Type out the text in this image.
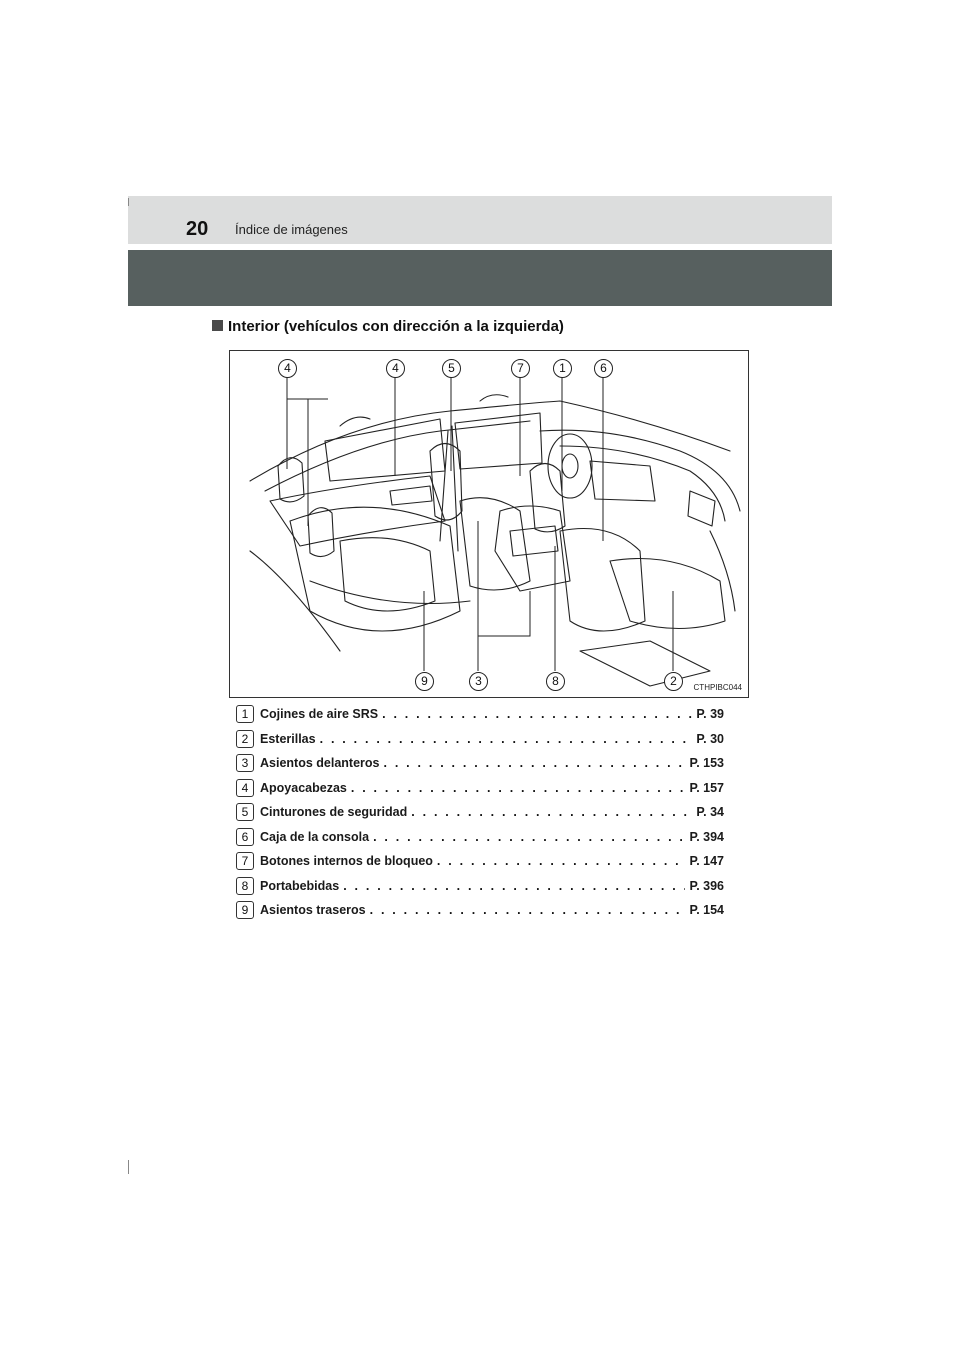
20 Índice de imágenes
Interior (vehículos con dirección a la izquierda)
4	4	5	7	1	6
9	3	8	2	CTHPIBC044
1 Cojines de aire SRS . . .	P. 39
2 Esterillas . . .	P. 30
3 Asientos delanteros . . .	P. 153
4 Apoyacabezas . . .	P. 157
5 Cinturones de seguridad . . .	P. 34
6 Caja de la consola . . .	P. 394
7 Botones internos de bloqueo . . .	P. 147
8 Portabebidas . . .	P. 396
9 Asientos traseros . . .	P. 154
